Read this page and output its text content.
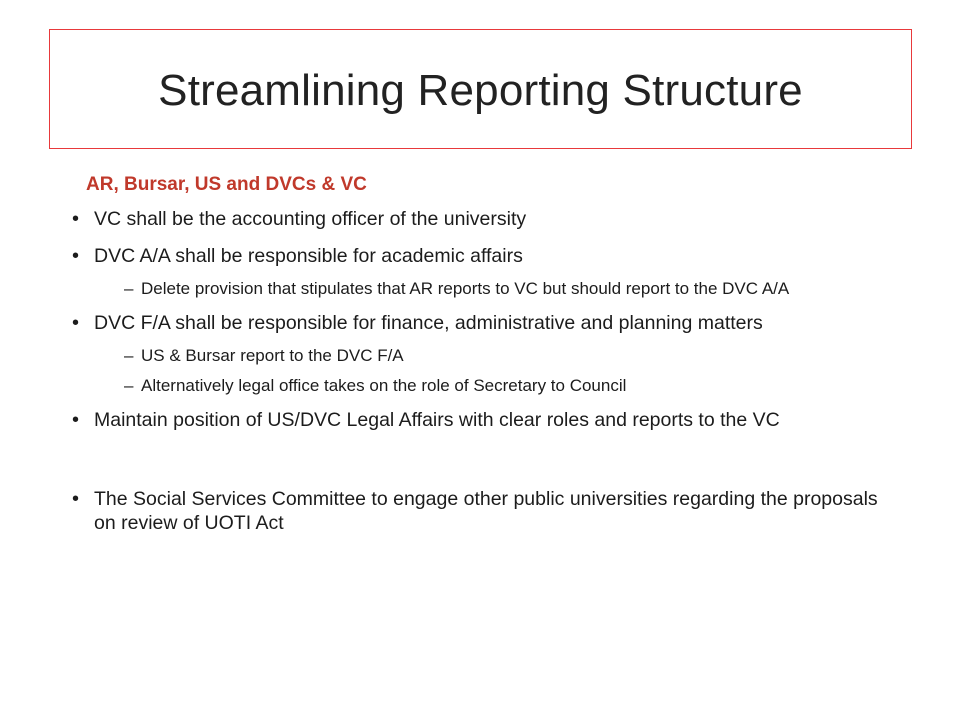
Streamlining Reporting Structure
AR, Bursar, US and DVCs & VC
• VC shall be the accounting officer of the university
• DVC A/A shall be responsible for academic affairs
– Delete provision that stipulates that AR reports to VC but should report to the DVC A/A
• DVC F/A shall be responsible for finance, administrative and planning matters
– US & Bursar report to the DVC F/A
– Alternatively legal office takes on the role of Secretary to Council
• Maintain position of US/DVC Legal Affairs with clear roles and reports to the VC
• The Social Services Committee to engage other public universities regarding the proposals on review of UOTI Act
